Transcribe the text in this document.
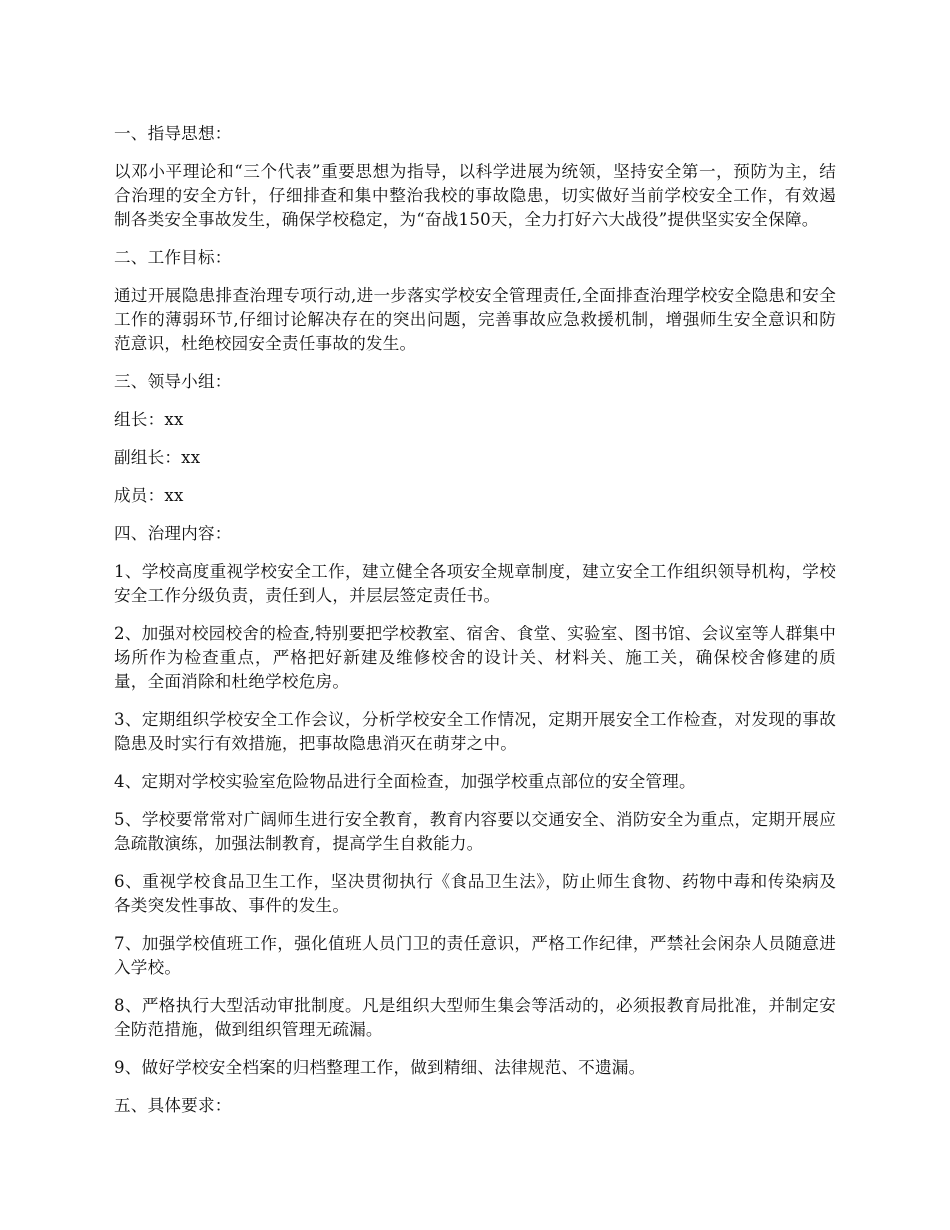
一、指导思想：

以邓小平理论和“三个代表”重要思想为指导，以科学进展为统领，坚持安全第一，预防为主，结合治理的安全方针，仔细排查和集中整治我校的事故隐患，切实做好当前学校安全工作，有效遏制各类安全事故发生，确保学校稳定，为“奋战150天，全力打好六大战役”提供坚实安全保障。

二、工作目标：

通过开展隐患排查治理专项行动,进一步落实学校安全管理责任,全面排查治理学校安全隐患和安全工作的薄弱环节,仔细讨论解决存在的突出问题，完善事故应急救援机制，增强师生安全意识和防范意识，杜绝校园安全责任事故的发生。

三、领导小组：

组长：xx

副组长：xx

成员：xx

四、治理内容：

1、学校高度重视学校安全工作，建立健全各项安全规章制度，建立安全工作组织领导机构，学校安全工作分级负责，责任到人，并层层签定责任书。

2、加强对校园校舍的检查,特别要把学校教室、宿舍、食堂、实验室、图书馆、会议室等人群集中场所作为检查重点，严格把好新建及维修校舍的设计关、材料关、施工关，确保校舍修建的质量，全面消除和杜绝学校危房。

3、定期组织学校安全工作会议，分析学校安全工作情况，定期开展安全工作检查，对发现的事故隐患及时实行有效措施，把事故隐患消灭在萌芽之中。

4、定期对学校实验室危险物品进行全面检查，加强学校重点部位的安全管理。

5、学校要常常对广阔师生进行安全教育，教育内容要以交通安全、消防安全为重点，定期开展应急疏散演练，加强法制教育，提高学生自救能力。

6、重视学校食品卫生工作，坚决贯彻执行《食品卫生法》，防止师生食物、药物中毒和传染病及各类突发性事故、事件的发生。

7、加强学校值班工作，强化值班人员门卫的责任意识，严格工作纪律，严禁社会闲杂人员随意进入学校。

8、严格执行大型活动审批制度。凡是组织大型师生集会等活动的，必须报教育局批准，并制定安全防范措施，做到组织管理无疏漏。

9、做好学校安全档案的归档整理工作，做到精细、法律规范、不遗漏。

五、具体要求：
